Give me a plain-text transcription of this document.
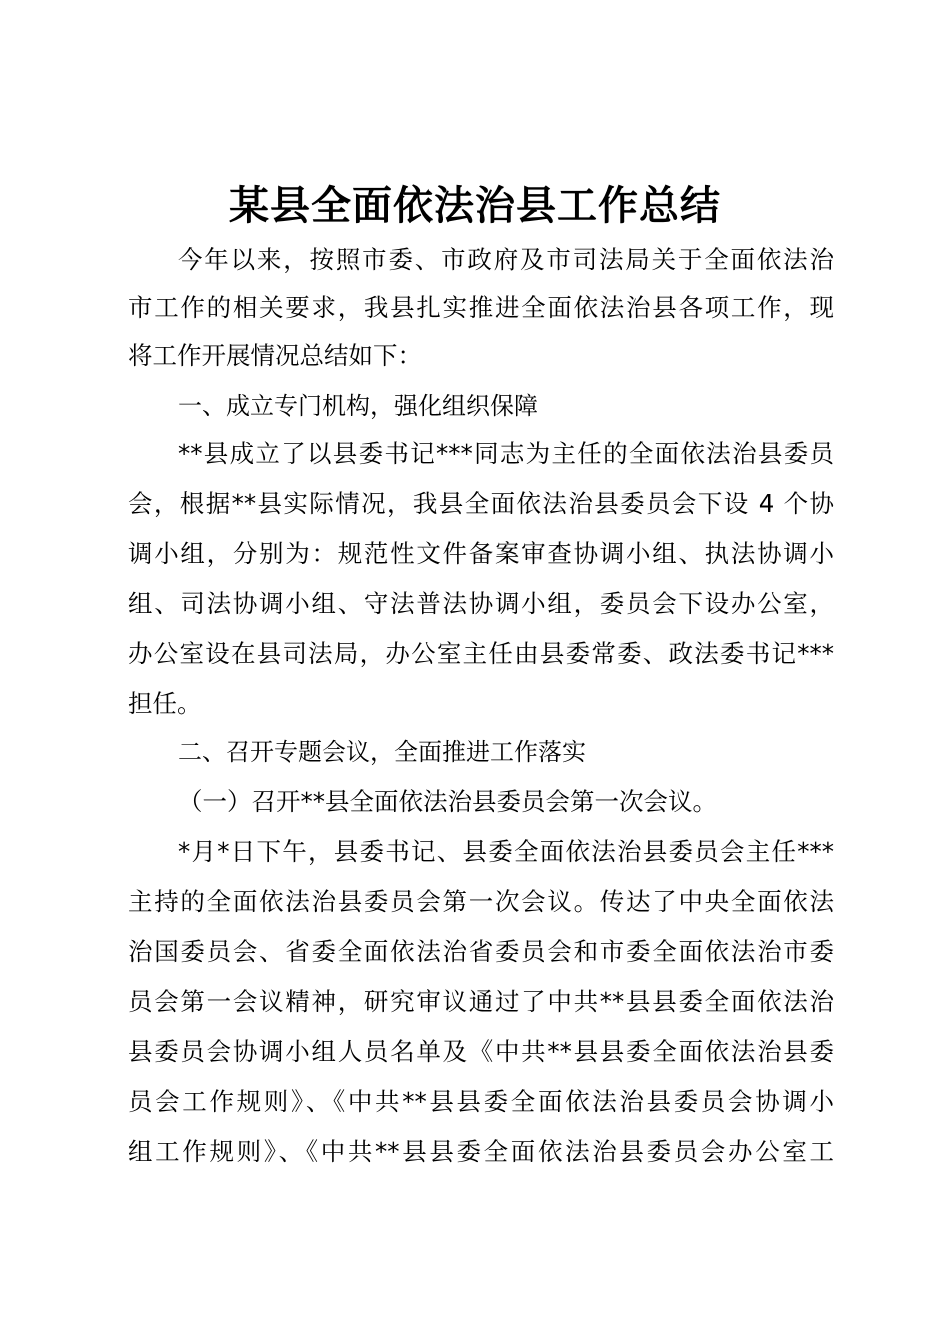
某县全面依法治县工作总结
今年以来，按照市委、市政府及市司法局关于全面依法治
市工作的相关要求，我县扎实推进全面依法治县各项工作，现
将工作开展情况总结如下：
一、成立专门机构，强化组织保障
**县成立了以县委书记***同志为主任的全面依法治县委员
会，根据**县实际情况，我县全面依法治县委员会下设 4 个协
调小组，分别为：规范性文件备案审查协调小组、执法协调小
组、司法协调小组、守法普法协调小组，委员会下设办公室，
办公室设在县司法局，办公室主任由县委常委、政法委书记***
担任。
二、召开专题会议，全面推进工作落实
（一）召开**县全面依法治县委员会第一次会议。
*月*日下午，县委书记、县委全面依法治县委员会主任***
主持的全面依法治县委员会第一次会议。传达了中央全面依法
治国委员会、省委全面依法治省委员会和市委全面依法治市委
员会第一会议精神，研究审议通过了中共**县县委全面依法治
县委员会协调小组人员名单及《中共**县县委全面依法治县委
员会工作规则》、《中共**县县委全面依法治县委员会协调小
组工作规则》、《中共**县县委全面依法治县委员会办公室工
